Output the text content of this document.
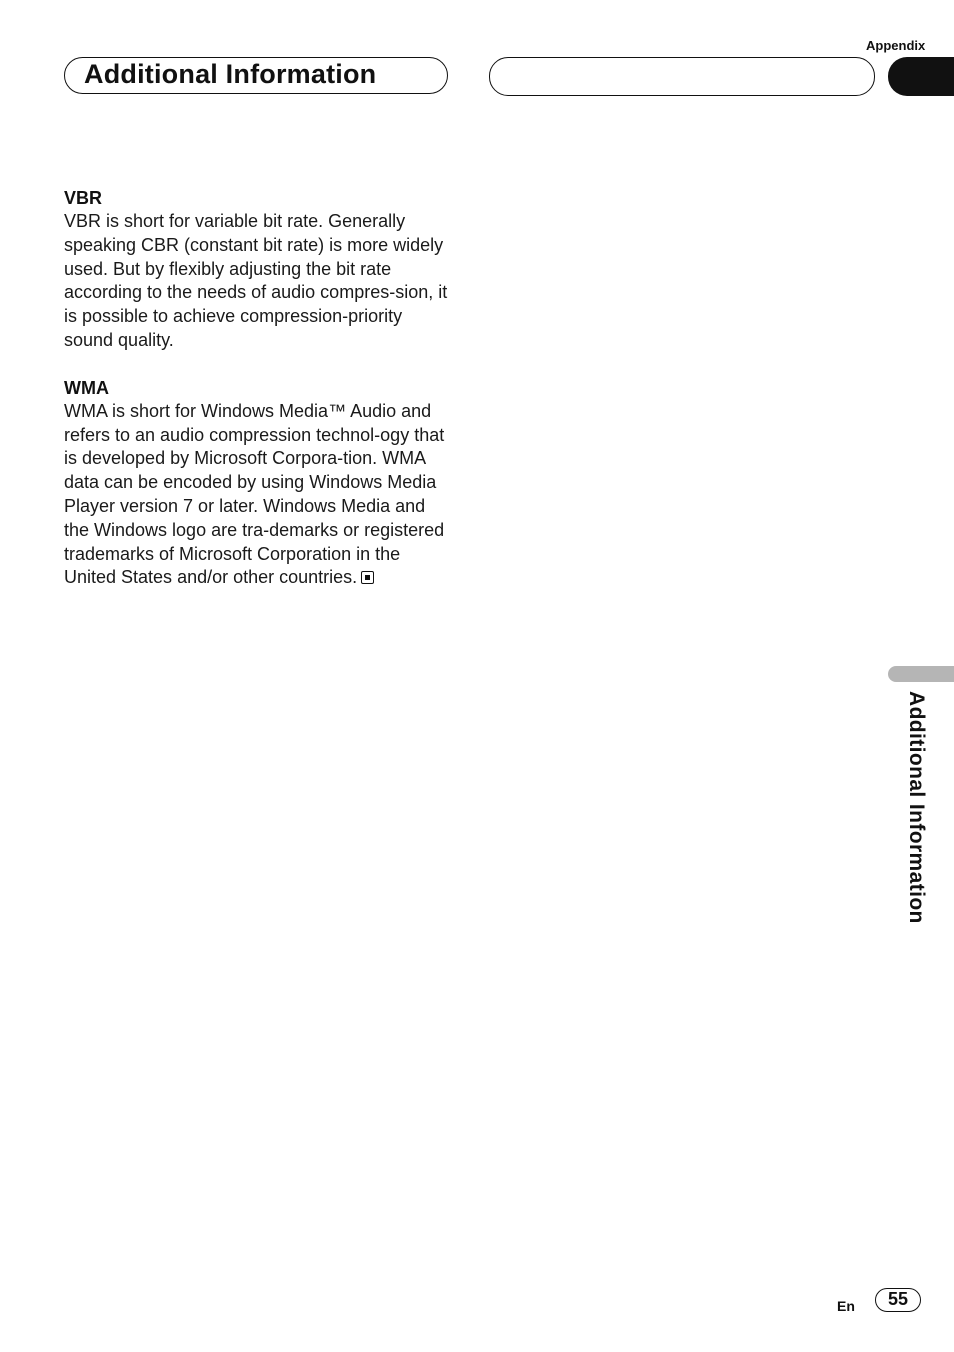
Appendix
Additional Information

VBR

VBR is short for variable bit rate. Generally speaking CBR (constant bit rate) is more widely used. But by flexibly adjusting the bit rate according to the needs of audio compres-sion, it is possible to achieve compression-priority sound quality.

WMA

WMA is short for Windows Media™ Audio and refers to an audio compression technol-ogy that is developed by Microsoft Corpora-tion. WMA data can be encoded by using Windows Media Player version 7 or later. Windows Media and the Windows logo are tra-demarks or registered trademarks of Microsoft Corporation in the United States and/or other countries.

Additional Information
En	55
